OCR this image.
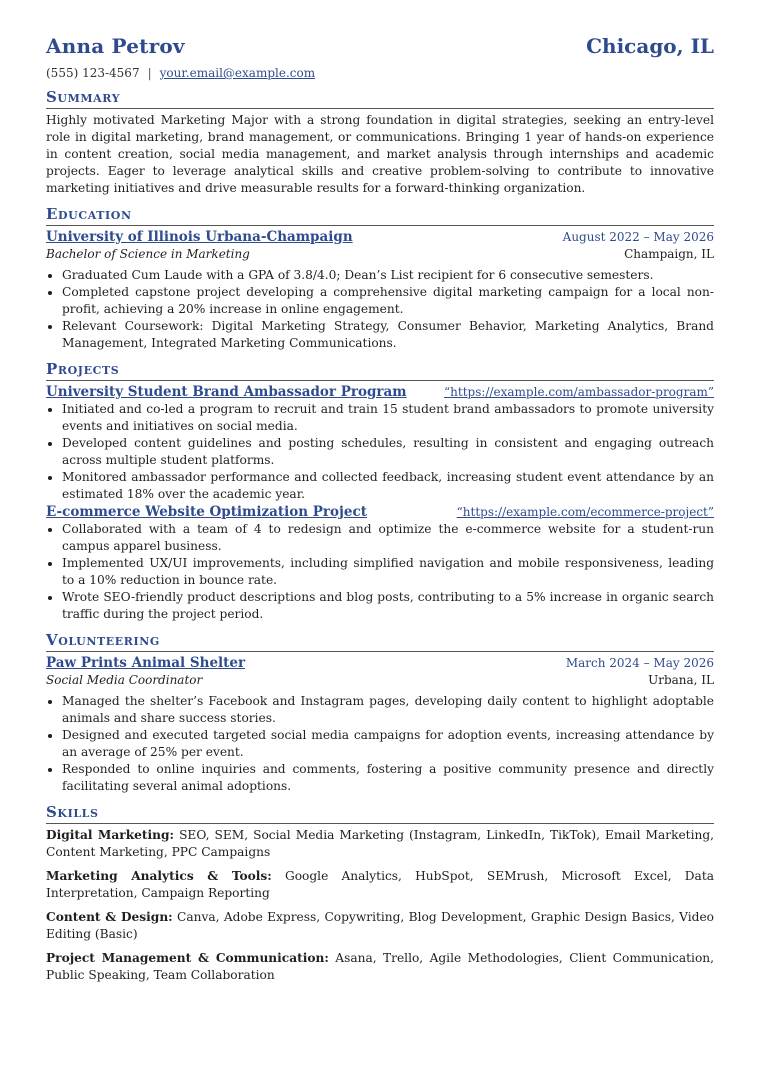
Anna Petrov	Chicago, IL
(555) 123-4567 | your.email@example.com
Summary
Highly motivated Marketing Major with a strong foundation in digital strategies, seeking an entry-level role in digital marketing, brand management, or communications. Bringing 1 year of hands-on experience in content creation, social media management, and market analysis through internships and academic projects. Eager to leverage analytical skills and creative problem-solving to contribute to innovative marketing initiatives and drive measurable results for a forward-thinking organization.
Education
University of Illinois Urbana-Champaign	August 2022 – May 2026
Bachelor of Science in Marketing	Champaign, IL
Graduated Cum Laude with a GPA of 3.8/4.0; Dean’s List recipient for 6 consecutive semesters.
Completed capstone project developing a comprehensive digital marketing campaign for a local non-profit, achieving a 20% increase in online engagement.
Relevant Coursework: Digital Marketing Strategy, Consumer Behavior, Marketing Analytics, Brand Management, Integrated Marketing Communications.
Projects
University Student Brand Ambassador Program	“https://example.com/ambassador-program”
Initiated and co-led a program to recruit and train 15 student brand ambassadors to promote university events and initiatives on social media.
Developed content guidelines and posting schedules, resulting in consistent and engaging outreach across multiple student platforms.
Monitored ambassador performance and collected feedback, increasing student event attendance by an estimated 18% over the academic year.
E-commerce Website Optimization Project	“https://example.com/ecommerce-project”
Collaborated with a team of 4 to redesign and optimize the e-commerce website for a student-run campus apparel business.
Implemented UX/UI improvements, including simplified navigation and mobile responsiveness, leading to a 10% reduction in bounce rate.
Wrote SEO-friendly product descriptions and blog posts, contributing to a 5% increase in organic search traffic during the project period.
Volunteering
Paw Prints Animal Shelter	March 2024 – May 2026
Social Media Coordinator	Urbana, IL
Managed the shelter’s Facebook and Instagram pages, developing daily content to highlight adoptable animals and share success stories.
Designed and executed targeted social media campaigns for adoption events, increasing attendance by an average of 25% per event.
Responded to online inquiries and comments, fostering a positive community presence and directly facilitating several animal adoptions.
Skills
Digital Marketing: SEO, SEM, Social Media Marketing (Instagram, LinkedIn, TikTok), Email Marketing, Content Marketing, PPC Campaigns
Marketing Analytics & Tools: Google Analytics, HubSpot, SEMrush, Microsoft Excel, Data Interpretation, Campaign Reporting
Content & Design: Canva, Adobe Express, Copywriting, Blog Development, Graphic Design Basics, Video Editing (Basic)
Project Management & Communication: Asana, Trello, Agile Methodologies, Client Communication, Public Speaking, Team Collaboration
